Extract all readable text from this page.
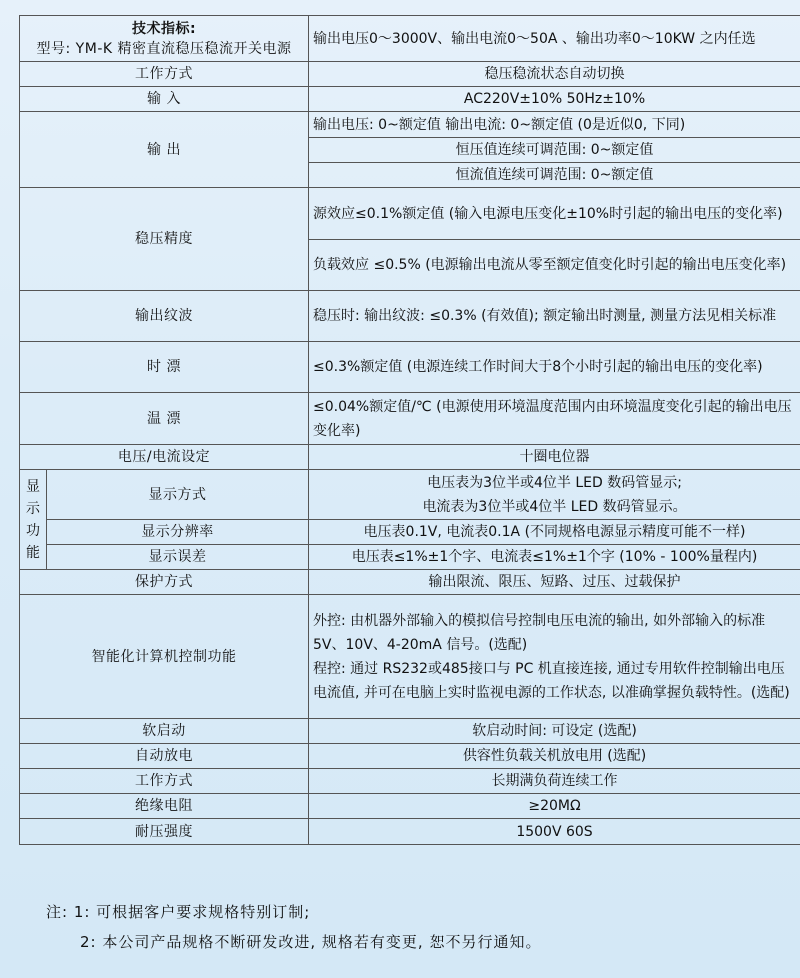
技术指标:
型号: YM-K 精密直流稳压稳流开关电源		输出电压0～3000V、输出电流0～50A 、输出功率0～10KW 之内任选
工作方式		稳压稳流状态自动切换
输 入		AC220V±10% 50Hz±10%
输 出		输出电压: 0~额定值 输出电流: 0~额定值 (0是近似0, 下同)
		恒压值连续可调范围: 0~额定值
		恒流值连续可调范围: 0~额定值
稳压精度		源效应≤0.1%额定值 (输入电源电压变化±10%时引起的输出电压的变化率)
		负载效应 ≤0.5% (电源输出电流从零至额定值变化时引起的输出电压变化率)
输出纹波		稳压时: 输出纹波: ≤0.3% (有效值); 额定输出时测量, 测量方法见相关标准
时 漂		≤0.3%额定值 (电源连续工作时间大于8个小时引起的输出电压的变化率)
温 漂		≤0.04%额定值/℃ (电源使用环境温度范围内由环境温度变化引起的输出电压变化率)
电压/电流设定		十圈电位器

显示功能	显示方式	电压表为3位半或4位半 LED 数码管显示;
电流表为3位半或4位半 LED 数码管显示。

	显示分辨率	电压表0.1V, 电流表0.1A (不同规格电源显示精度可能不一样)
	显示误差	电压表≤1%±1个字、电流表≤1%±1个字 (10% - 100%量程内)
保护方式		输出限流、限压、短路、过压、过载保护
智能化计算机控制功能		外控: 由机器外部输入的模拟信号控制电压电流的输出, 如外部输入的标准5V、10V、4-20mA 信号。(选配)
程控: 通过 RS232或485接口与 PC 机直接连接, 通过专用软件控制输出电压电流值, 并可在电脑上实时监视电源的工作状态, 以准确掌握负载特性。(选配)

软启动		软启动时间: 可设定 (选配)
自动放电		供容性负载关机放电用 (选配)
工作方式		长期满负荷连续工作
绝缘电阻		≥20MΩ
耐压强度		1500V 60S
注: 1: 可根据客户要求规格特别订制;
2: 本公司产品规格不断研发改进, 规格若有变更, 恕不另行通知。
